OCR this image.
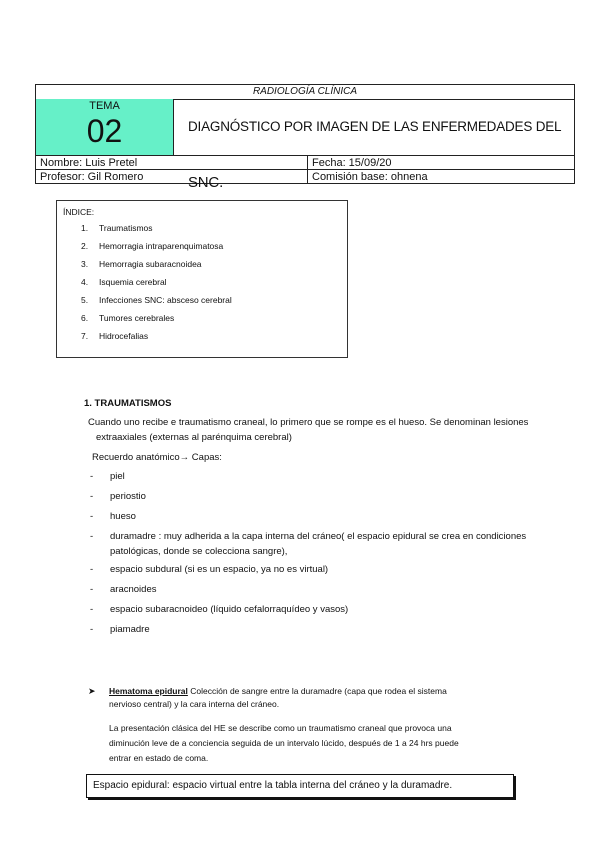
RADIOLOGÍA CLÍNICA
TEMA
02	DIAGNÓSTICO POR IMAGEN DE LAS ENFERMEDADES DEL SNC.
Nombre: Luis Pretel	Fecha: 15/09/20
Profesor: Gil Romero	Comisión base: ohnena
ÍNDICE:
1. Traumatismos
2. Hemorragia intraparenquimatosa
3. Hemorragia subaracnoidea
4. Isquemia cerebral
5. Infecciones SNC: absceso cerebral
6. Tumores cerebrales
7. Hidrocefalias
1. TRAUMATISMOS
Cuando uno recibe e traumatismo craneal, lo primero que se rompe es el hueso. Se denominan lesiones
extraaxiales (externas al parénquima cerebral)
Recuerdo anatómico→ Capas:
- piel
- periostio
- hueso
- duramadre : muy adherida a la capa interna del cráneo( el espacio epidural se crea en condiciones
patológicas, donde se colecciona sangre),
- espacio subdural (si es un espacio, ya no es virtual)
- aracnoides
- espacio subaracnoideo (líquido cefalorraquídeo y vasos)
- piamadre
➤ Hematoma epidural Colección de sangre entre la duramadre (capa que rodea el sistema
nervioso central) y la cara interna del cráneo.
La presentación clásica del HE se describe como un traumatismo craneal que provoca una
diminución leve de a conciencia seguida de un intervalo lúcido, después de 1 a 24 hrs puede
entrar en estado de coma.
Espacio epidural: espacio virtual entre la tabla interna del cráneo y la duramadre.
